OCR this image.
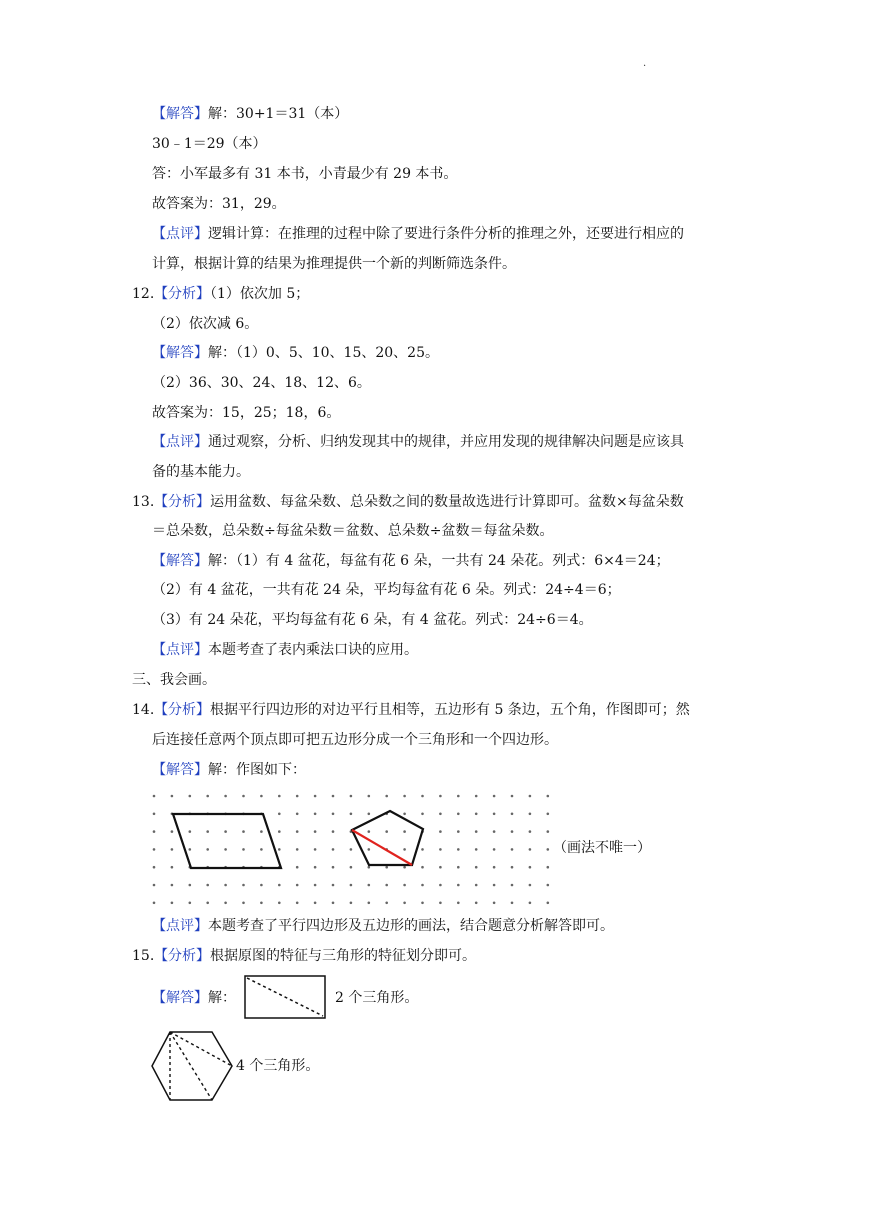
.
【解答】解：30+1＝31（本）
30﹣1＝29（本）
答：小军最多有 31 本书，小青最少有 29 本书。
故答案为：31，29。
【点评】逻辑计算：在推理的过程中除了要进行条件分析的推理之外，还要进行相应的
计算，根据计算的结果为推理提供一个新的判断筛选条件。
12.【分析】（1）依次加 5；
（2）依次减 6。
【解答】解：（1）0、5、10、15、20、25。
（2）36、30、24、18、12、6。
故答案为：15，25；18，6。
【点评】通过观察，分析、归纳发现其中的规律，并应用发现的规律解决问题是应该具
备的基本能力。
13.【分析】运用盆数、每盆朵数、总朵数之间的数量故选进行计算即可。盆数×每盆朵数
＝总朵数，总朵数÷每盆朵数＝盆数、总朵数÷盆数＝每盆朵数。
【解答】解：（1）有 4 盆花，每盆有花 6 朵，一共有 24 朵花。列式：6×4＝24；
（2）有 4 盆花，一共有花 24 朵，平均每盆有花 6 朵。列式：24÷4＝6；
（3）有 24 朵花，平均每盆有花 6 朵，有 4 盆花。列式：24÷6＝4。
【点评】本题考查了表内乘法口诀的应用。
三、我会画。
14.【分析】根据平行四边形的对边平行且相等，五边形有 5 条边，五个角，作图即可；然
后连接任意两个顶点即可把五边形分成一个三角形和一个四边形。
【解答】解：作图如下：
（画法不唯一）
【点评】本题考查了平行四边形及五边形的画法，结合题意分析解答即可。
15.【分析】根据原图的特征与三角形的特征划分即可。
【解答】解：	2 个三角形。
4 个三角形。
